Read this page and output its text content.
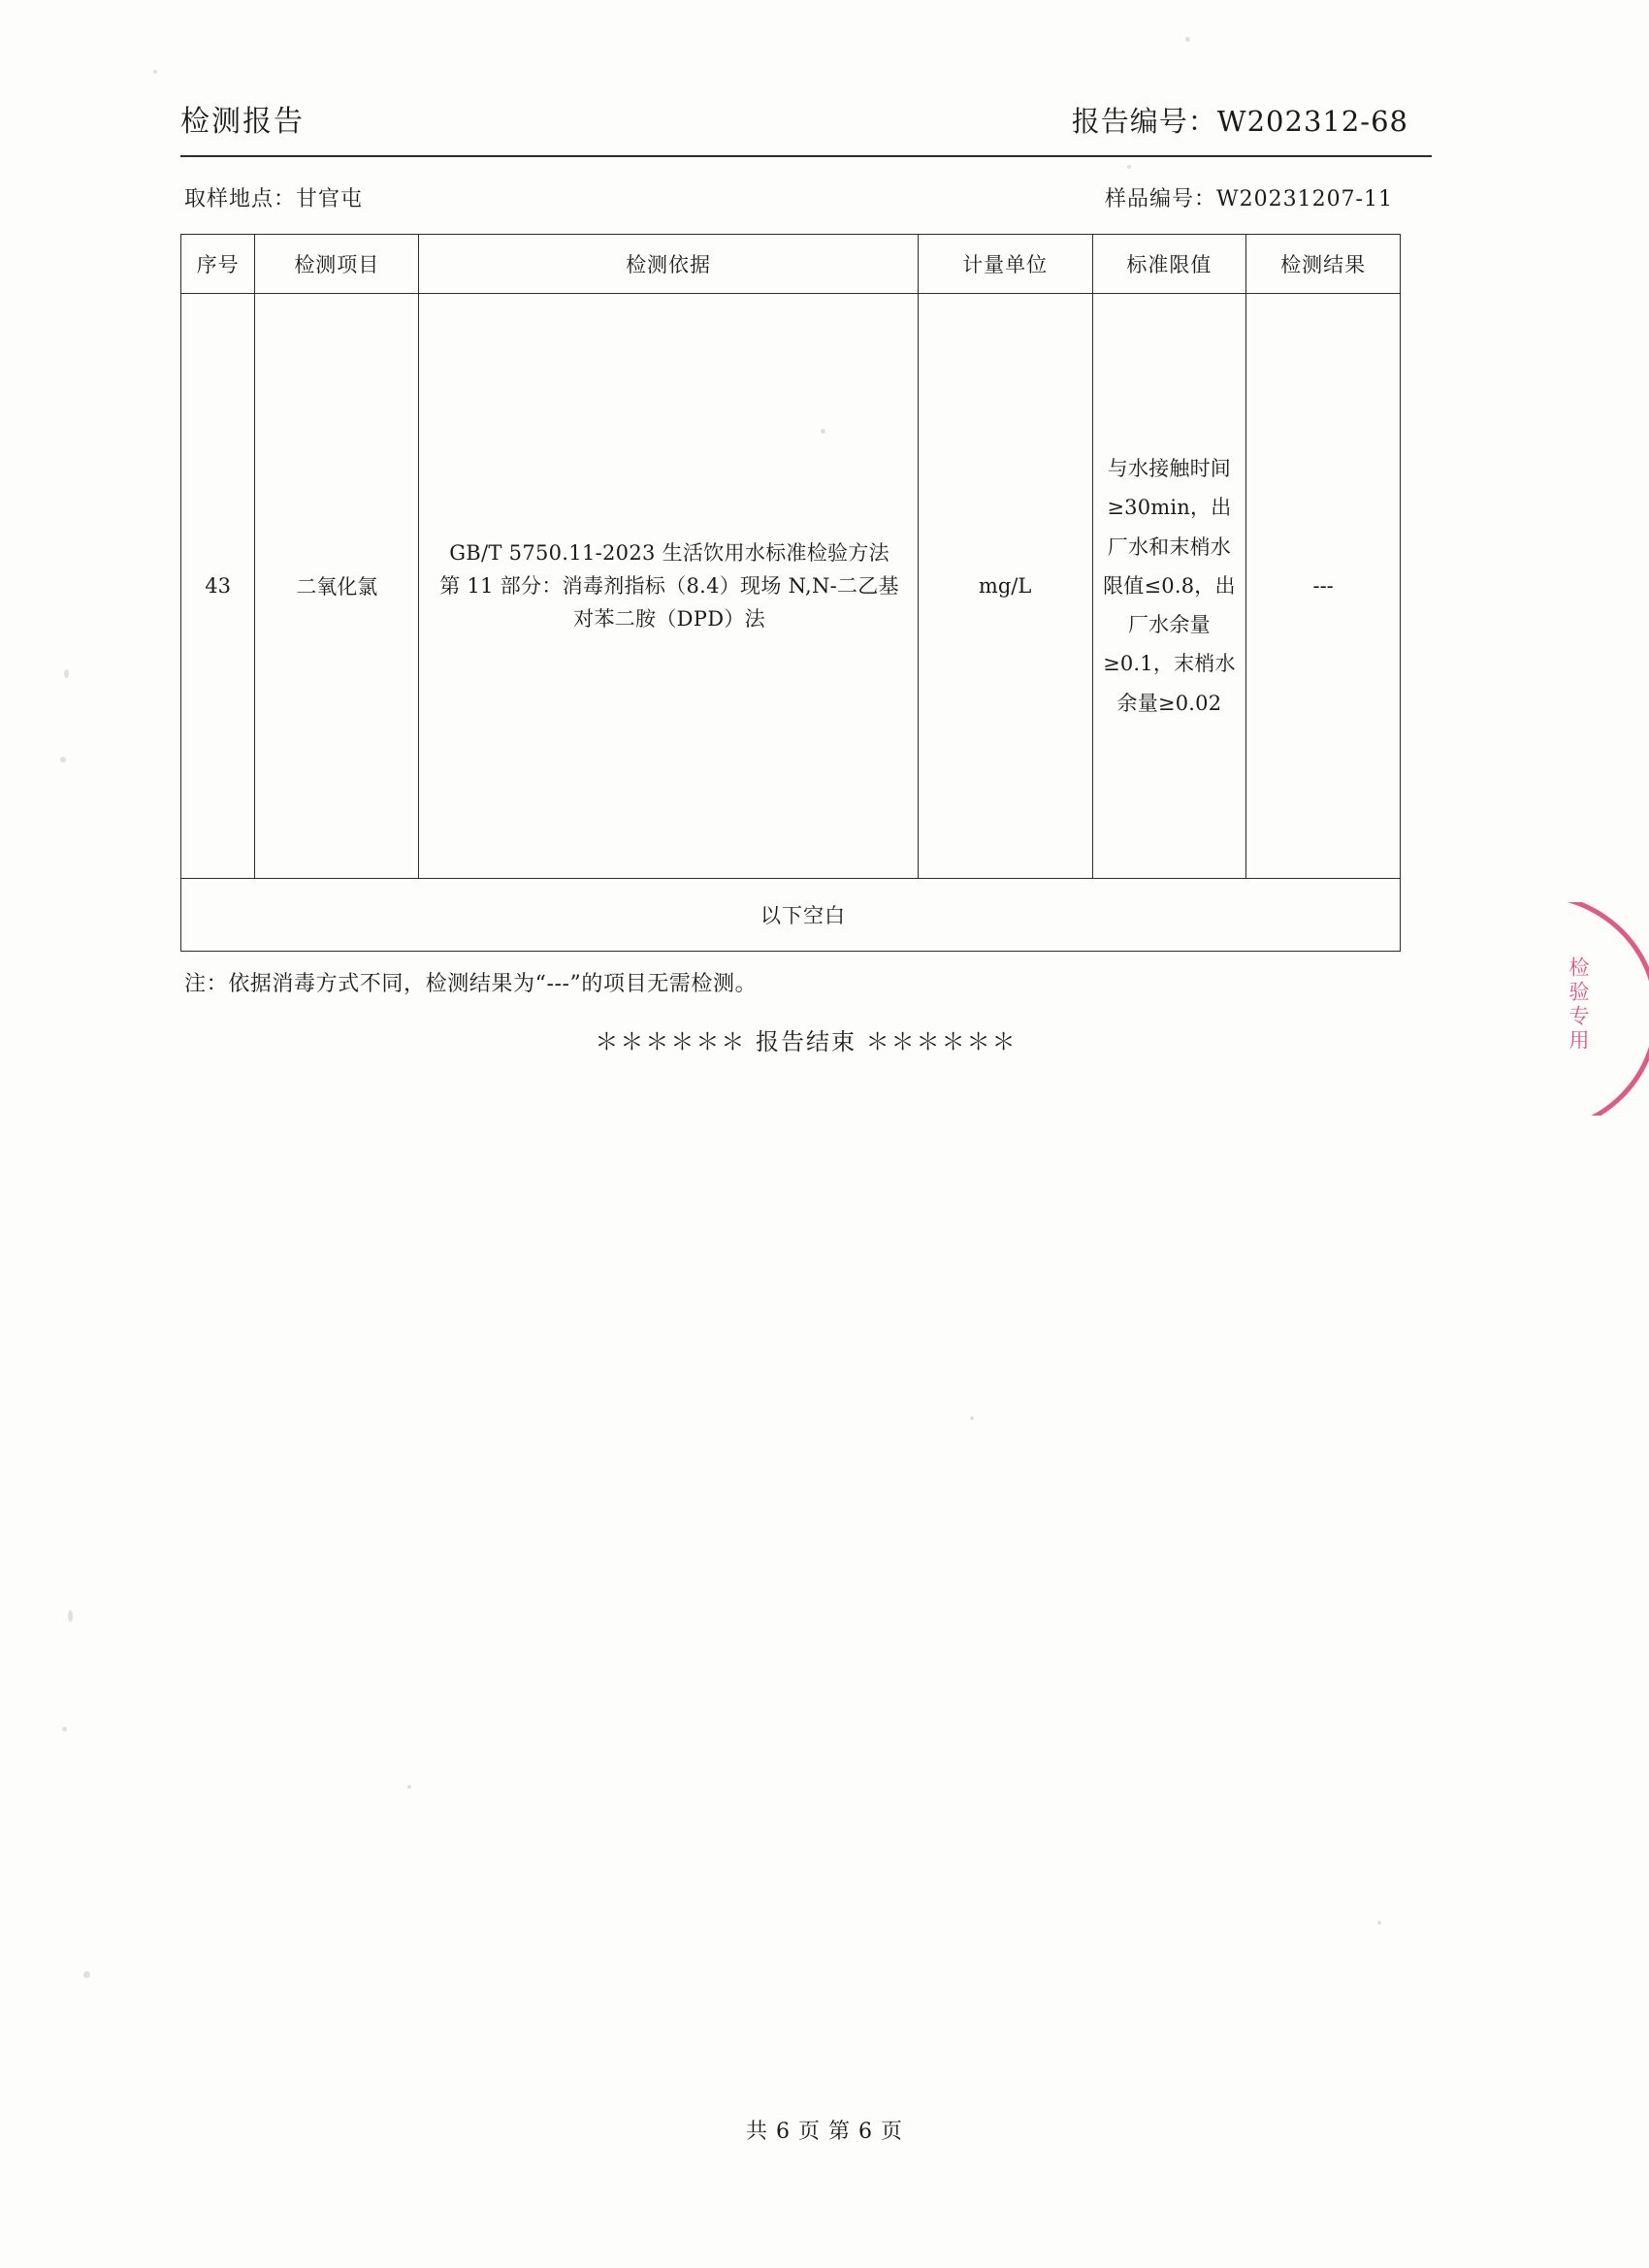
检测报告	报告编号：W202312-68
取样地点：甘官屯	样品编号：W20231207-11
序号	检测项目	检测依据	计量单位	标准限值	检测结果
43	二氧化氯	GB/T 5750.11-2023 生活饮用水标准检验方法 第 11 部分：消毒剂指标（8.4）现场 N,N-二乙基对苯二胺（DPD）法	mg/L	与水接触时间≥30min，出厂水和末梢水限值≤0.8，出厂水余量≥0.1，末梢水余量≥0.02	---
以下空白					
注：依据消毒方式不同，检测结果为“---”的项目无需检测。
＊＊＊＊＊＊ 报告结束 ＊＊＊＊＊＊	检验专用
共 6 页 第 6 页
